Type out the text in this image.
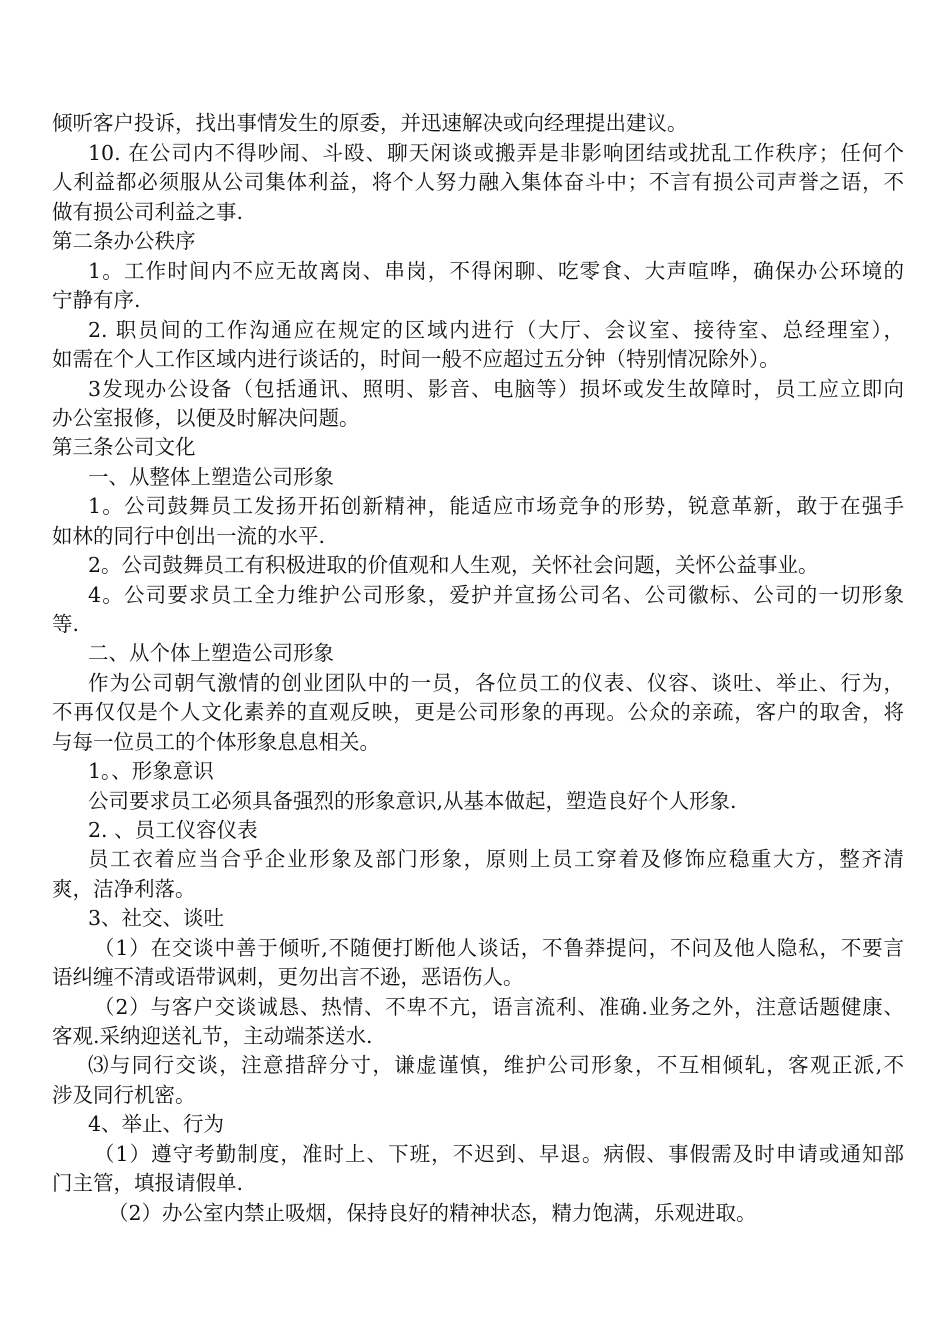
倾听客户投诉，找出事情发生的原委，并迅速解决或向经理提出建议。

10. 在公司内不得吵闹、斗殴、聊天闲谈或搬弄是非影响团结或扰乱工作秩序；任何个

人利益都必须服从公司集体利益，将个人努力融入集体奋斗中；不言有损公司声誉之语，不

做有损公司利益之事.

第二条办公秩序

1。工作时间内不应无故离岗、串岗，不得闲聊、吃零食、大声喧哗，确保办公环境的

宁静有序.

2. 职员间的工作沟通应在规定的区域内进行（大厅、会议室、接待室、总经理室），

如需在个人工作区域内进行谈话的，时间一般不应超过五分钟（特别情况除外）。

3发现办公设备（包括通讯、照明、影音、电脑等）损坏或发生故障时，员工应立即向

办公室报修，以便及时解决问题。

第三条公司文化

一、从整体上塑造公司形象

1。公司鼓舞员工发扬开拓创新精神，能适应市场竞争的形势，锐意革新，敢于在强手

如林的同行中创出一流的水平.

2。公司鼓舞员工有积极进取的价值观和人生观，关怀社会问题，关怀公益事业。

4。公司要求员工全力维护公司形象，爱护并宣扬公司名、公司徽标、公司的一切形象

等.

二、从个体上塑造公司形象

作为公司朝气激情的创业团队中的一员，各位员工的仪表、仪容、谈吐、举止、行为，

不再仅仅是个人文化素养的直观反映，更是公司形象的再现。公众的亲疏，客户的取舍，将

与每一位员工的个体形象息息相关。

1。、形象意识

公司要求员工必须具备强烈的形象意识,从基本做起，塑造良好个人形象.

2. 、员工仪容仪表

员工衣着应当合乎企业形象及部门形象，原则上员工穿着及修饰应稳重大方，整齐清

爽，洁净利落。

3、社交、谈吐

（1）在交谈中善于倾听,不随便打断他人谈话，不鲁莽提问，不问及他人隐私，不要言

语纠缠不清或语带讽刺，更勿出言不逊，恶语伤人。

（2）与客户交谈诚恳、热情、不卑不亢，语言流利、准确.业务之外，注意话题健康、

客观.采纳迎送礼节，主动端茶送水.

⑶与同行交谈，注意措辞分寸，谦虚谨慎，维护公司形象，不互相倾轧，客观正派,不

涉及同行机密。

4、举止、行为

（1）遵守考勤制度，准时上、下班，不迟到、早退。病假、事假需及时申请或通知部

门主管，填报请假单.

（2）办公室内禁止吸烟，保持良好的精神状态，精力饱满，乐观进取。
